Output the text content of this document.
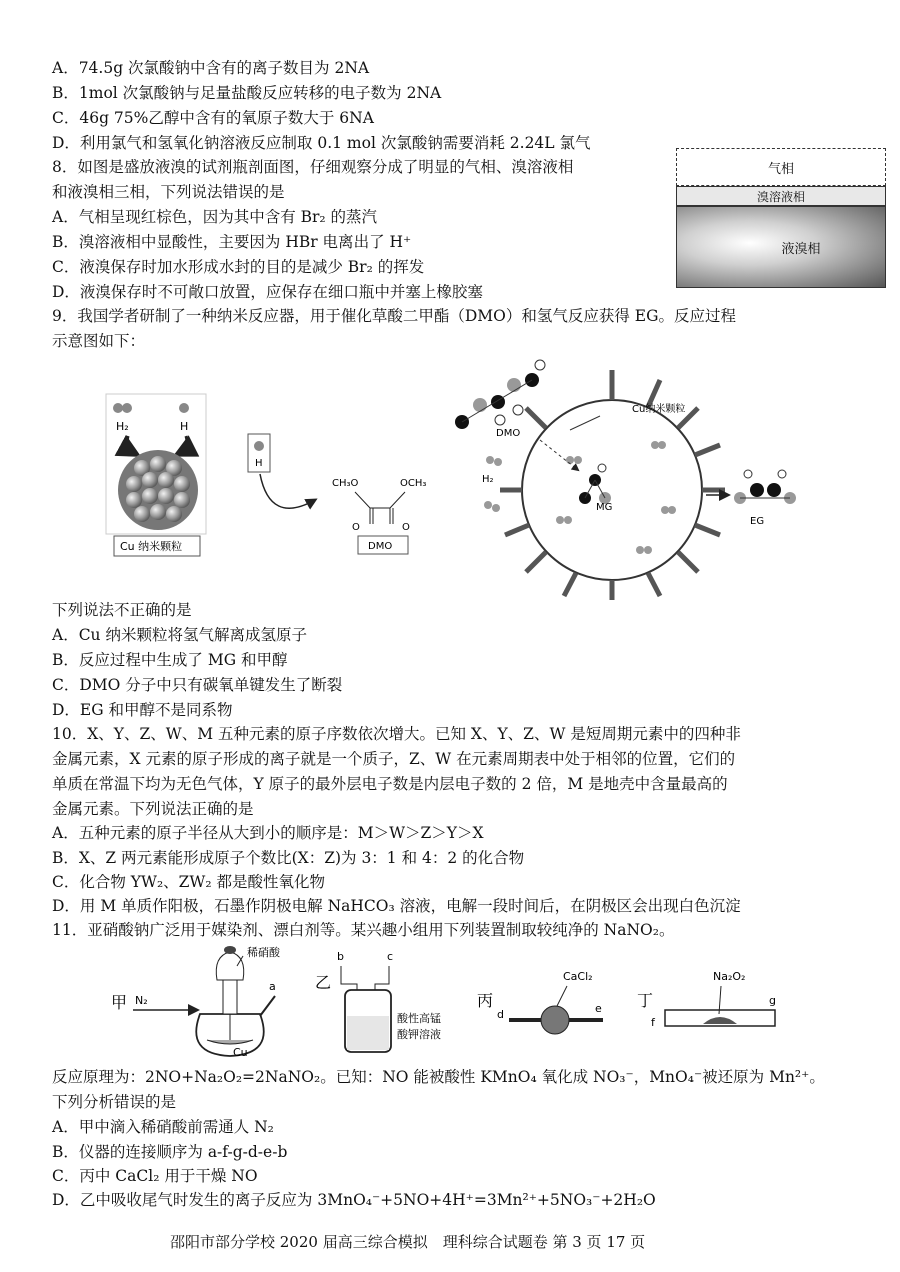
A．74.5g 次氯酸钠中含有的离子数目为 2NA
B．1mol 次氯酸钠与足量盐酸反应转移的电子数为 2NA
C．46g 75%乙醇中含有的氧原子数大于 6NA
D．利用氯气和氢氧化钠溶液反应制取 0.1 mol 次氯酸钠需要消耗 2.24L 氯气
8．如图是盛放液溴的试剂瓶剖面图，仔细观察分成了明显的气相、溴溶液相
和液溴相三相，下列说法错误的是
A．气相呈现红棕色，因为其中含有 Br₂ 的蒸汽
B．溴溶液相中显酸性，主要因为 HBr 电离出了 H⁺
C．液溴保存时加水形成水封的目的是减少 Br₂ 的挥发
D．液溴保存时不可敞口放置，应保存在细口瓶中并塞上橡胶塞
气相
溴溶液相
液溴相
9．我国学者研制了一种纳米反应器，用于催化草酸二甲酯（DMO）和氢气反应获得 EG。反应过程
示意图如下：
H₂	H
Cu 纳米颗粒
H
CH₃O	OCH₃
O	O
DMO
DMO
Cu纳米颗粒
H₂
MG
EG
下列说法不正确的是
A．Cu 纳米颗粒将氢气解离成氢原子
B．反应过程中生成了 MG 和甲醇
C．DMO 分子中只有碳氧单键发生了断裂
D．EG 和甲醇不是同系物
10．X、Y、Z、W、M 五种元素的原子序数依次增大。已知 X、Y、Z、W 是短周期元素中的四种非
金属元素，X 元素的原子形成的离子就是一个质子，Z、W 在元素周期表中处于相邻的位置，它们的
单质在常温下均为无色气体，Y 原子的最外层电子数是内层电子数的 2 倍，M 是地壳中含量最高的
金属元素。下列说法正确的是
A．五种元素的原子半径从大到小的顺序是：M＞W＞Z＞Y＞X
B．X、Z 两元素能形成原子个数比(X：Z)为 3：1 和 4：2 的化合物
C．化合物 YW₂、ZW₂ 都是酸性氧化物
D．用 M 单质作阳极，石墨作阴极电解 NaHCO₃ 溶液，电解一段时间后，在阴极区会出现白色沉淀
11．亚硝酸钠广泛用于媒染剂、漂白剂等。某兴趣小组用下列装置制取较纯净的 NaNO₂。
甲 N₂
稀硝酸
a
Cu
乙
b	c
酸性高锰
酸钾溶液
丙
d	e
CaCl₂
丁
f
g
Na₂O₂
反应原理为：2NO+Na₂O₂=2NaNO₂。已知：NO 能被酸性 KMnO₄ 氧化成 NO₃⁻，MnO₄⁻被还原为 Mn²⁺。
下列分析错误的是
A．甲中滴入稀硝酸前需通人 N₂
B．仪器的连接顺序为 a-f-g-d-e-b
C．丙中 CaCl₂ 用于干燥 NO
D．乙中吸收尾气时发生的离子反应为 3MnO₄⁻+5NO+4H⁺=3Mn²⁺+5NO₃⁻+2H₂O
邵阳市部分学校 2020 届高三综合模拟　理科综合试题卷 第 3 页 17 页
